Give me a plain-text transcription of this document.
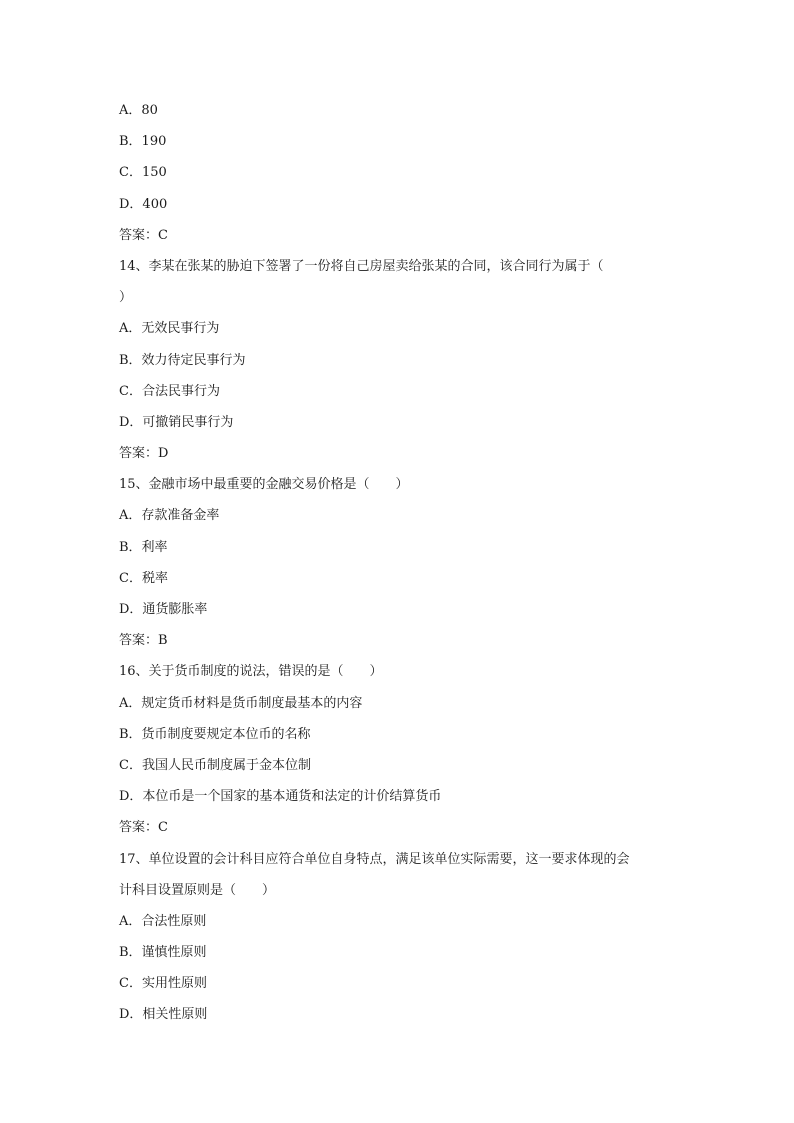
A．80
B．190
C．150
D．400
答案：C
14、李某在张某的胁迫下签署了一份将自己房屋卖给张某的合同，该合同行为属于（
）
A．无效民事行为
B．效力待定民事行为
C．合法民事行为
D．可撤销民事行为
答案：D
15、金融市场中最重要的金融交易价格是（　　）
A．存款准备金率
B．利率
C．税率
D．通货膨胀率
答案：B
16、关于货币制度的说法，错误的是（　　）
A．规定货币材料是货币制度最基本的内容
B．货币制度要规定本位币的名称
C．我国人民币制度属于金本位制
D．本位币是一个国家的基本通货和法定的计价结算货币
答案：C
17、单位设置的会计科目应符合单位自身特点，满足该单位实际需要，这一要求体现的会
计科目设置原则是（　　）
A．合法性原则
B．谨慎性原则
C．实用性原则
D．相关性原则
